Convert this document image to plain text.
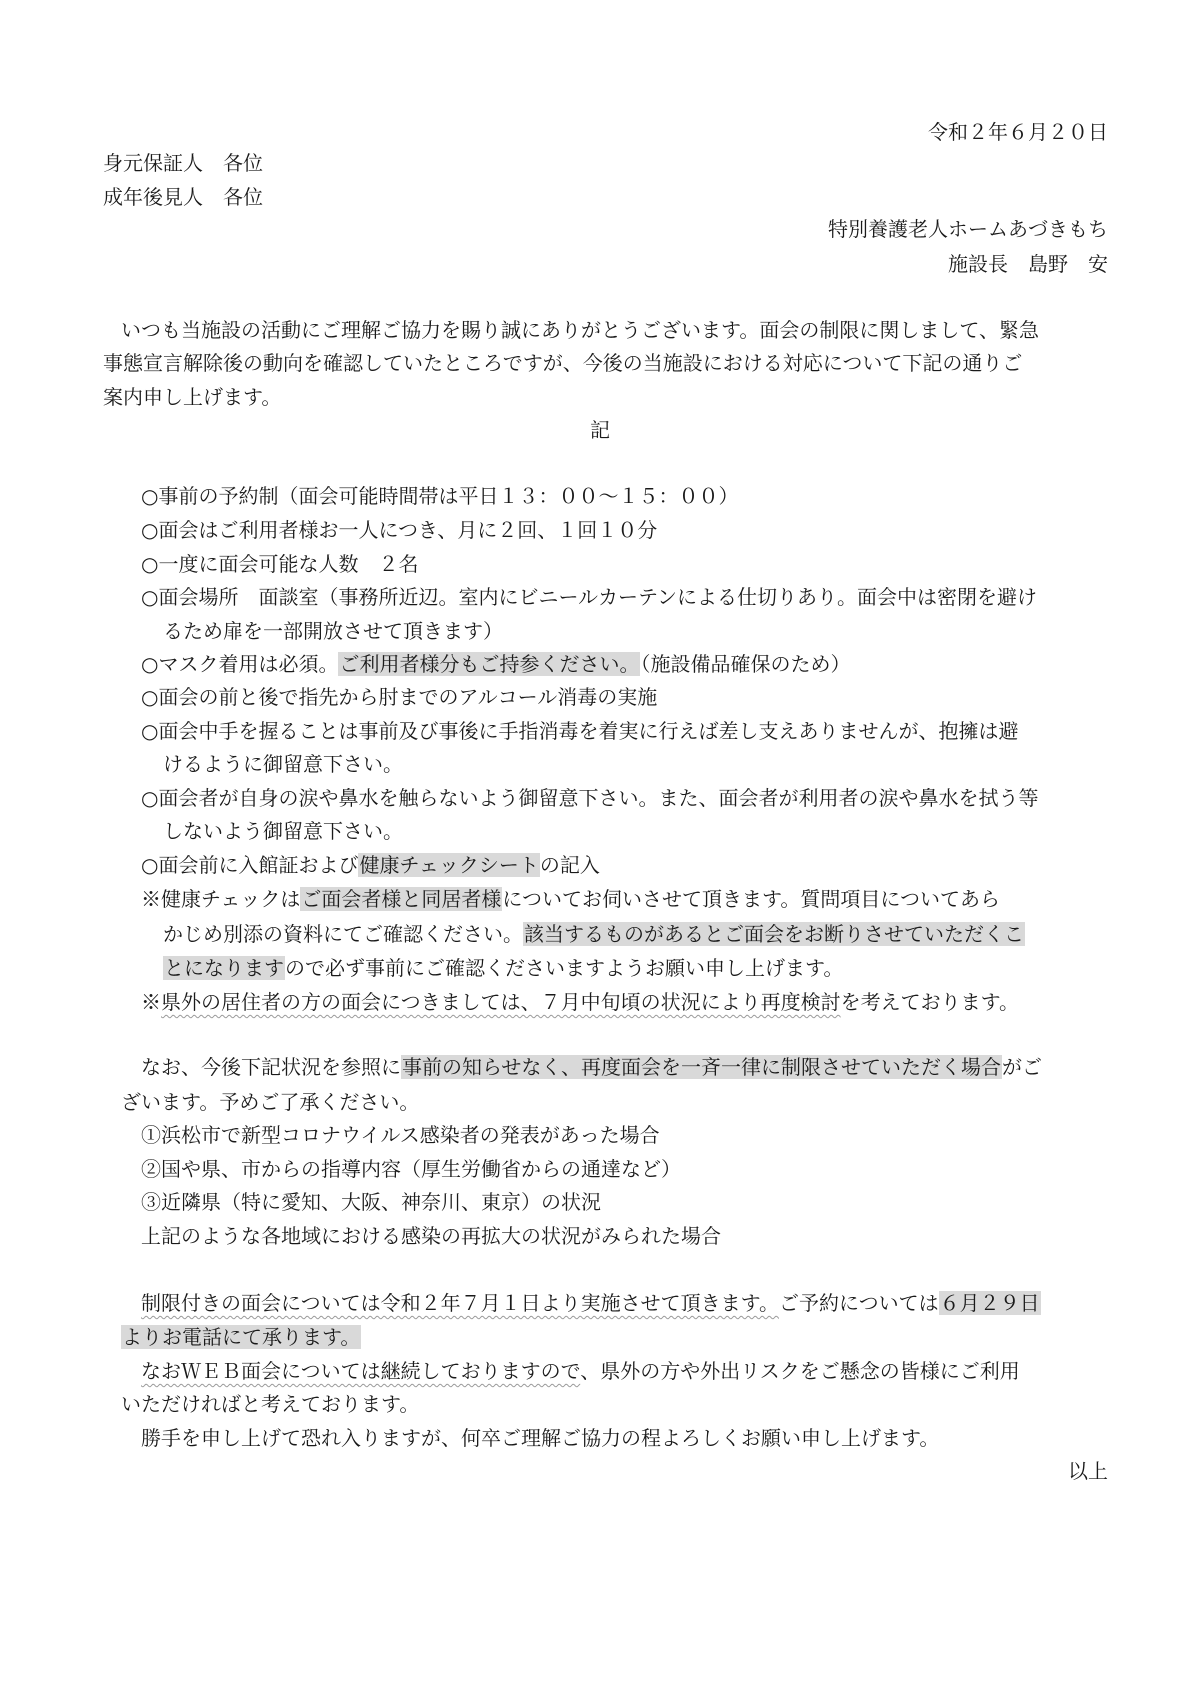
令和２年６月２０日
身元保証人　各位
成年後見人　各位
特別養護老人ホームあづきもち
施設長　島野　安
いつも当施設の活動にご理解ご協力を賜り誠にありがとうございます。面会の制限に関しまして、緊急
事態宣言解除後の動向を確認していたところですが、今後の当施設における対応について下記の通りご
案内申し上げます。
記
○事前の予約制（面会可能時間帯は平日１３：００〜１５：００）
○面会はご利用者様お一人につき、月に２回、１回１０分
○一度に面会可能な人数　２名
○面会場所　面談室（事務所近辺。室内にビニールカーテンによる仕切りあり。面会中は密閉を避け
るため扉を一部開放させて頂きます）
○マスク着用は必須。ご利用者様分もご持参ください。（施設備品確保のため）
○面会の前と後で指先から肘までのアルコール消毒の実施
○面会中手を握ることは事前及び事後に手指消毒を着実に行えば差し支えありませんが、抱擁は避
けるように御留意下さい。
○面会者が自身の涙や鼻水を触らないよう御留意下さい。また、面会者が利用者の涙や鼻水を拭う等
しないよう御留意下さい。
○面会前に入館証および健康チェックシートの記入
※健康チェックはご面会者様と同居者様についてお伺いさせて頂きます。質問項目についてあら
かじめ別添の資料にてご確認ください。該当するものがあるとご面会をお断りさせていただくこ
とになりますので必ず事前にご確認くださいますようお願い申し上げます。
※県外の居住者の方の面会につきましては、７月中旬頃の状況により再度検討を考えております。
なお、今後下記状況を参照に事前の知らせなく、再度面会を一斉一律に制限させていただく場合がご
ざいます。予めご了承ください。
①浜松市で新型コロナウイルス感染者の発表があった場合
②国や県、市からの指導内容（厚生労働省からの通達など）
③近隣県（特に愛知、大阪、神奈川、東京）の状況
上記のような各地域における感染の再拡大の状況がみられた場合
制限付きの面会については令和２年７月１日より実施させて頂きます。ご予約については６月２９日
よりお電話にて承ります。
なおＷＥＢ面会については継続しておりますので、県外の方や外出リスクをご懸念の皆様にご利用
いただければと考えております。
勝手を申し上げて恐れ入りますが、何卒ご理解ご協力の程よろしくお願い申し上げます。
以上
